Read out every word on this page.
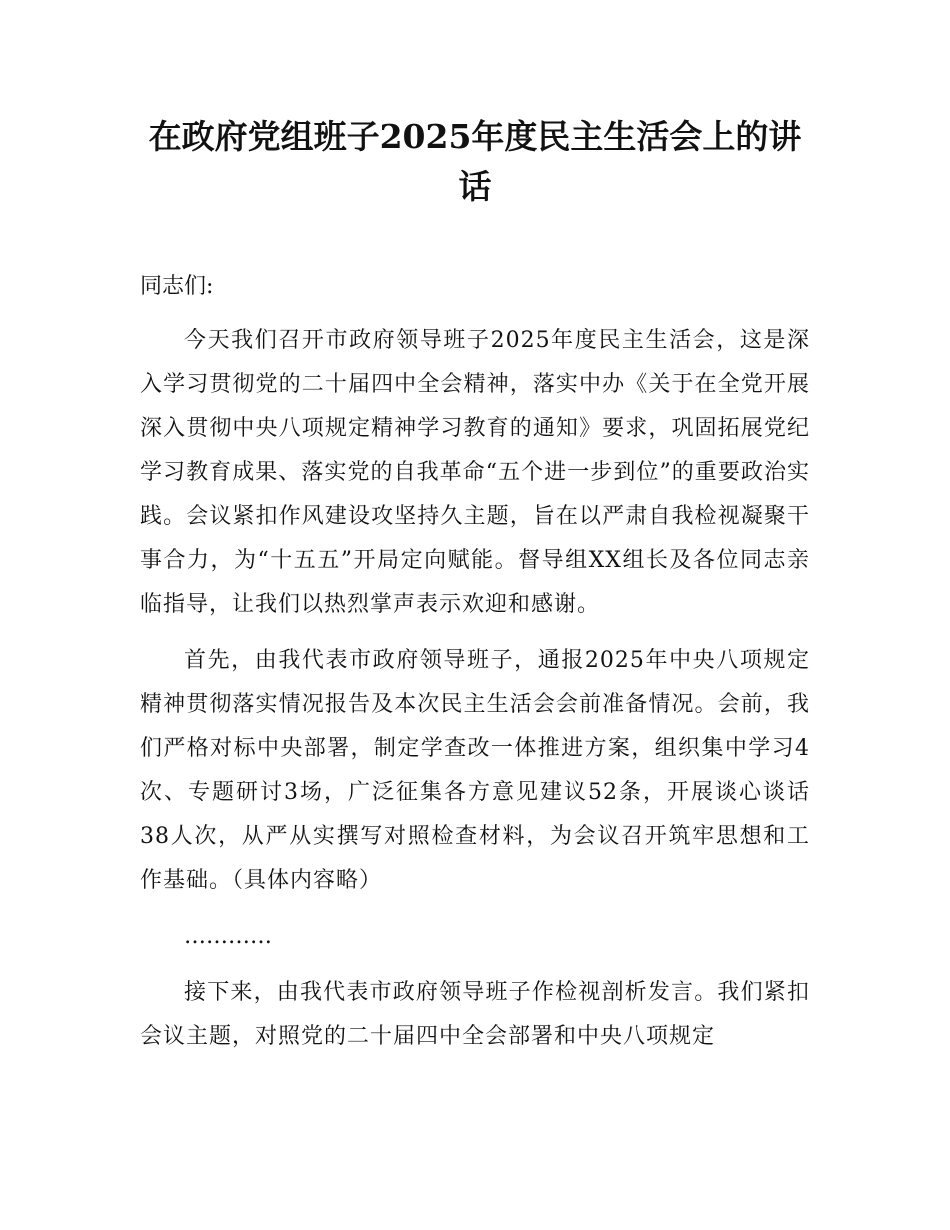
在政府党组班子2025年度民主生活会上的讲话

同志们:

今天我们召开市政府领导班子2025年度民主生活会，这是深入学习贯彻党的二十届四中全会精神，落实中办《关于在全党开展深入贯彻中央八项规定精神学习教育的通知》要求，巩固拓展党纪学习教育成果、落实党的自我革命“五个进一步到位”的重要政治实践。会议紧扣作风建设攻坚持久主题，旨在以严肃自我检视凝聚干事合力，为“十五五”开局定向赋能。督导组XX组长及各位同志亲临指导，让我们以热烈掌声表示欢迎和感谢。

首先，由我代表市政府领导班子，通报2025年中央八项规定精神贯彻落实情况报告及本次民主生活会会前准备情况。会前，我们严格对标中央部署，制定学查改一体推进方案，组织集中学习4次、专题研讨3场，广泛征集各方意见建议52条，开展谈心谈话38人次，从严从实撰写对照检查材料，为会议召开筑牢思想和工作基础。（具体内容略）

…………

接下来，由我代表市政府领导班子作检视剖析发言。我们紧扣会议主题，对照党的二十届四中全会部署和中央八项规定
